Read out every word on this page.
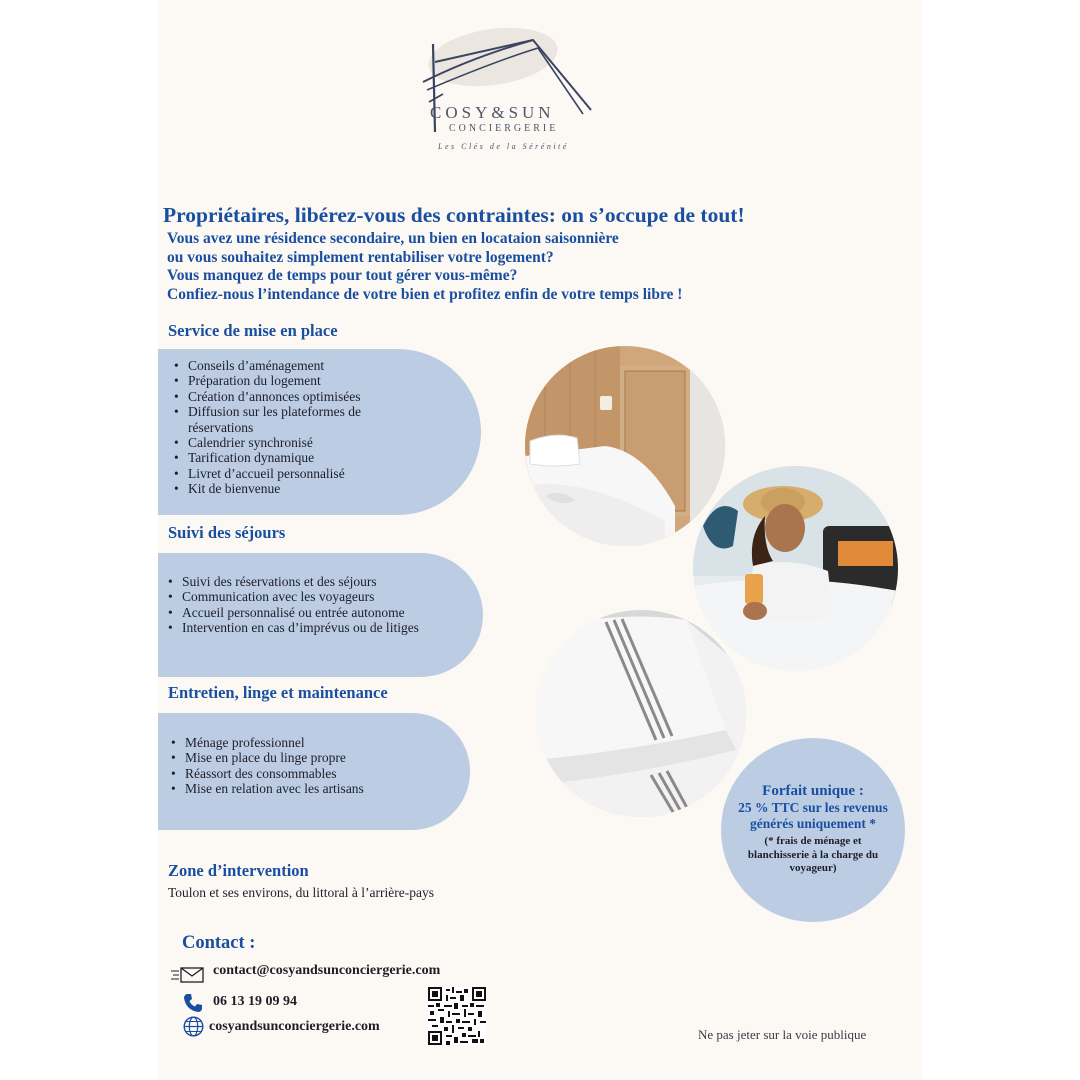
COSY&SUN
CONCIERGERIE
Les Clés de la Sérénité
Propriétaires, libérez-vous des contraintes: on s’occupe de tout!
Vous avez une résidence secondaire, un bien en locataion saisonnière
ou vous souhaitez simplement rentabiliser votre logement?
Vous manquez de temps pour tout gérer vous-même?
Confiez-nous l’intendance de votre bien et profitez enfin de votre temps libre !
Service de mise en place
• Conseils d’aménagement
• Préparation du logement
• Création d’annonces optimisées
• Diffusion sur les plateformes de réservations
• Calendrier synchronisé
• Tarification dynamique
• Livret d’accueil personnalisé
• Kit de bienvenue
Suivi des séjours
• Suivi des réservations et des séjours
• Communication avec les voyageurs
• Accueil personnalisé ou entrée autonome
• Intervention en cas d’imprévus ou de litiges
Entretien, linge et maintenance
• Ménage professionnel
• Mise en place du linge propre
• Réassort des consommables
• Mise en relation avec les artisans	Forfait unique :
25 % TTC sur les revenus générés uniquement *
(* frais de ménage et blanchisserie à la charge du voyageur)
Zone d’intervention
Toulon et ses environs, du littoral à l’arrière-pays
Contact :
contact@cosyandsunconciergerie.com
06 13 19 09 94
cosyandsunconciergerie.com
Ne pas jeter sur la voie publique
